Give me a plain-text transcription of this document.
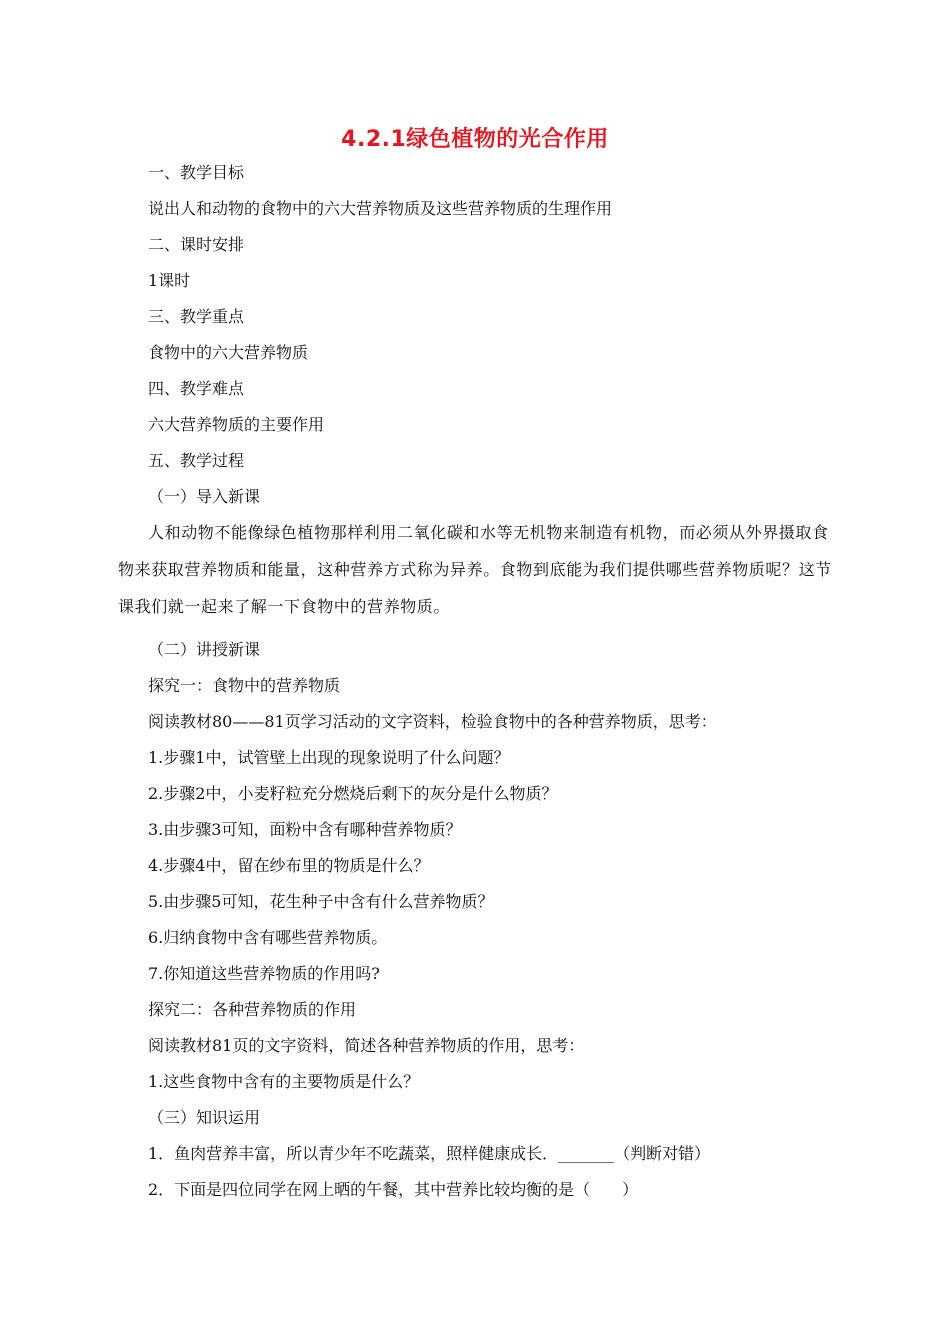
4.2.1绿色植物的光合作用
一、教学目标
说出人和动物的食物中的六大营养物质及这些营养物质的生理作用
二、课时安排
1课时
三、教学重点
食物中的六大营养物质
四、教学难点
六大营养物质的主要作用
五、教学过程
（一）导入新课
人和动物不能像绿色植物那样利用二氧化碳和水等无机物来制造有机物，而必须从外界摄取食物来获取营养物质和能量，这种营养方式称为异养。食物到底能为我们提供哪些营养物质呢？这节课我们就一起来了解一下食物中的营养物质。
（二）讲授新课
探究一：食物中的营养物质
阅读教材80——81页学习活动的文字资料，检验食物中的各种营养物质，思考：
1.步骤1中，试管壁上出现的现象说明了什么问题？
2.步骤2中，小麦籽粒充分燃烧后剩下的灰分是什么物质？
3.由步骤3可知，面粉中含有哪种营养物质？
4.步骤4中，留在纱布里的物质是什么？
5.由步骤5可知，花生种子中含有什么营养物质？
6.归纳食物中含有哪些营养物质。
7.你知道这些营养物质的作用吗?
探究二：各种营养物质的作用
阅读教材81页的文字资料，简述各种营养物质的作用，思考：
1.这些食物中含有的主要物质是什么？
（三）知识运用
1．鱼肉营养丰富，所以青少年不吃蔬菜，照样健康成长．_______（判断对错）
2．下面是四位同学在网上晒的午餐，其中营养比较均衡的是（　　）
